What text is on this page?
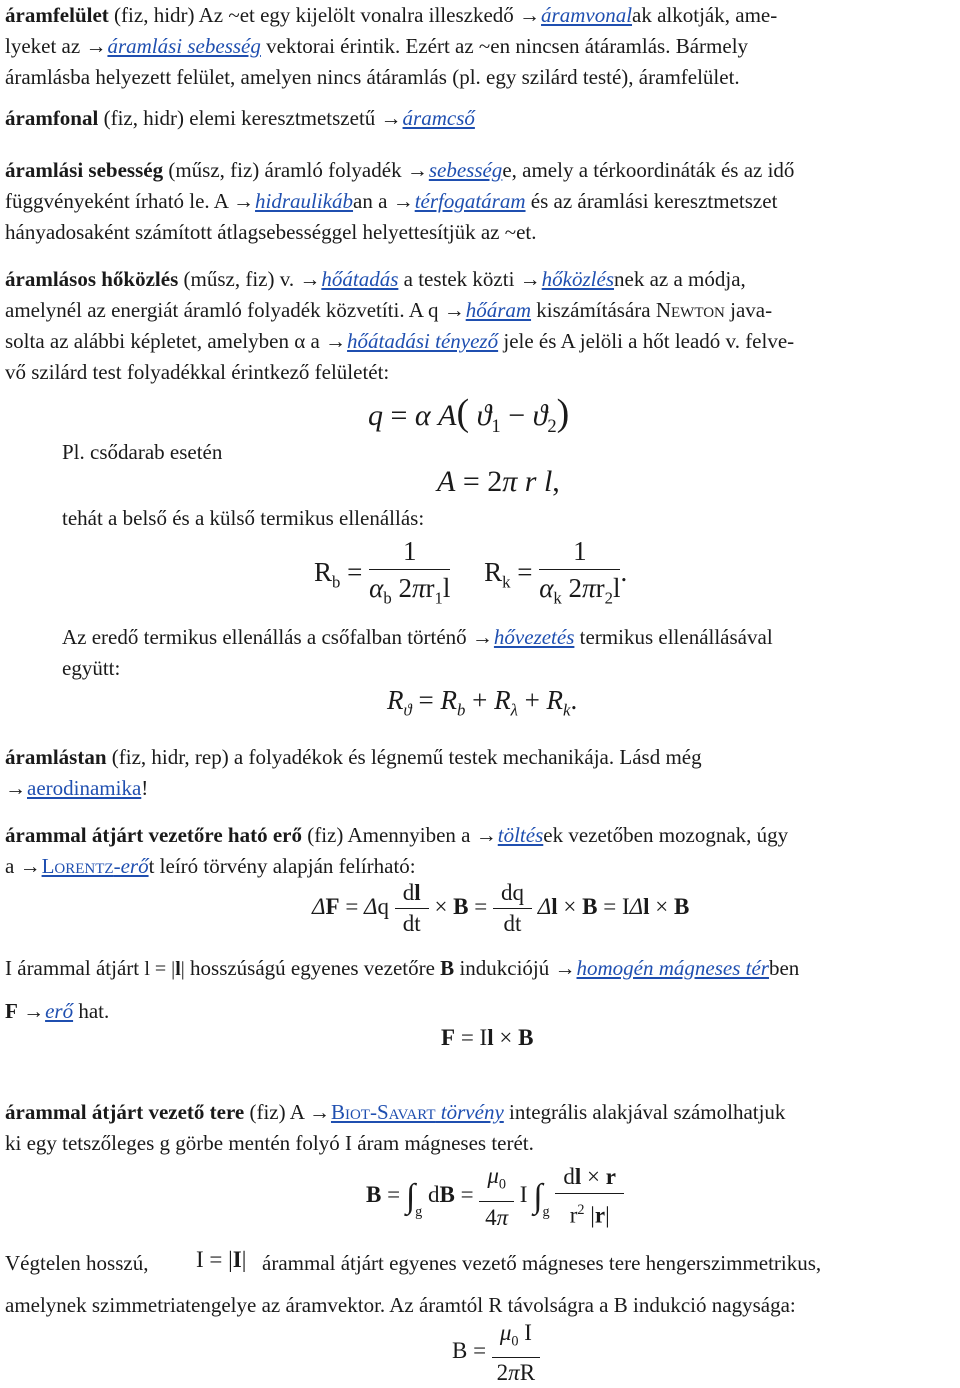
áramfelület (fiz, hidr) Az ~et egy kijelölt vonalra illeszkedő →áramvonalak alkotják, ame-
lyeket az →áramlási sebesség vektorai érintik. Ezért az ~en nincsen átáramlás. Bármely
áramlásba helyezett felület, amelyen nincs átáramlás (pl. egy szilárd testé), áramfelület.
áramfonal (fiz, hidr) elemi keresztmetszetű →áramcső
áramlási sebesség (műsz, fiz) áramló folyadék →sebessége, amely a térkoordináták és az idő
függvényeként írható le. A →hidraulikában a →térfogatáram és az áramlási keresztmetszet
hányadosaként számított átlagsebességgel helyettesítjük az ~et.
áramlásos hőközlés (műsz, fiz) v. →hőátadás a testek közti →hőközlésnek az a módja,
amelynél az energiát áramló folyadék közvetíti. A q →hőáram kiszámítására Newton java-
solta az alábbi képletet, amelyben α a →hőátadási tényező jele és A jelöli a hőt leadó v. felve-
vő szilárd test folyadékkal érintkező felületét:
q = α A( $ϑ_1 - ϑ_2$)
Pl. csődarab esetén
A = 2π r l,
tehát a belső és a külső termikus ellenállás:
$R_b = \frac{1}{\alpha_b 2\pi r_1l} R_k = \frac{1}{\alpha_k 2\pi r_2l}$ .
Az eredő termikus ellenállás a csőfalban történő →hővezetés termikus ellenállásával
együtt:
$R_ϑ = R_b + R_\lambda + R_k$.
áramlástan (fiz, hidr, rep) a folyadékok és légnemű testek mechanikája. Lásd még
→aerodinamika!
árammal átjárt vezetőre ható erő (fiz) Amennyiben a →töltések vezetőben mozognak, úgy
a →Lorentz-erőt leíró törvény alapján felírható:
ΔF = Δq $\frac{dl}{dt} \times B = \frac{dq}{dt}$ Δl × B = IΔl × B
I árammal átjárt l = |l| hosszúságú egyenes vezetőre B indukciójú →homogén mágneses térben
F →erő hat.
F = Il × B
árammal átjárt vezető tere (fiz) A →Biot-Savart törvény integrális alakjával számolhatjuk
ki egy tetszőleges g görbe mentén folyó I áram mágneses terét.
$B = \int_g$ dB = $\frac{\mu_0}{4\pi}$ I $\int_g \frac{dl \times r}{r^2 |r|}$
Végtelen hosszú, I = |I| árammal átjárt egyenes vezető mágneses tere hengerszimmetrikus,
amelynek szimmetriatengelye az áramvektor. Az áramtól R távolságra a B indukció nagysága:
$B = \frac{\mu_0 I}{2\pi R}$
